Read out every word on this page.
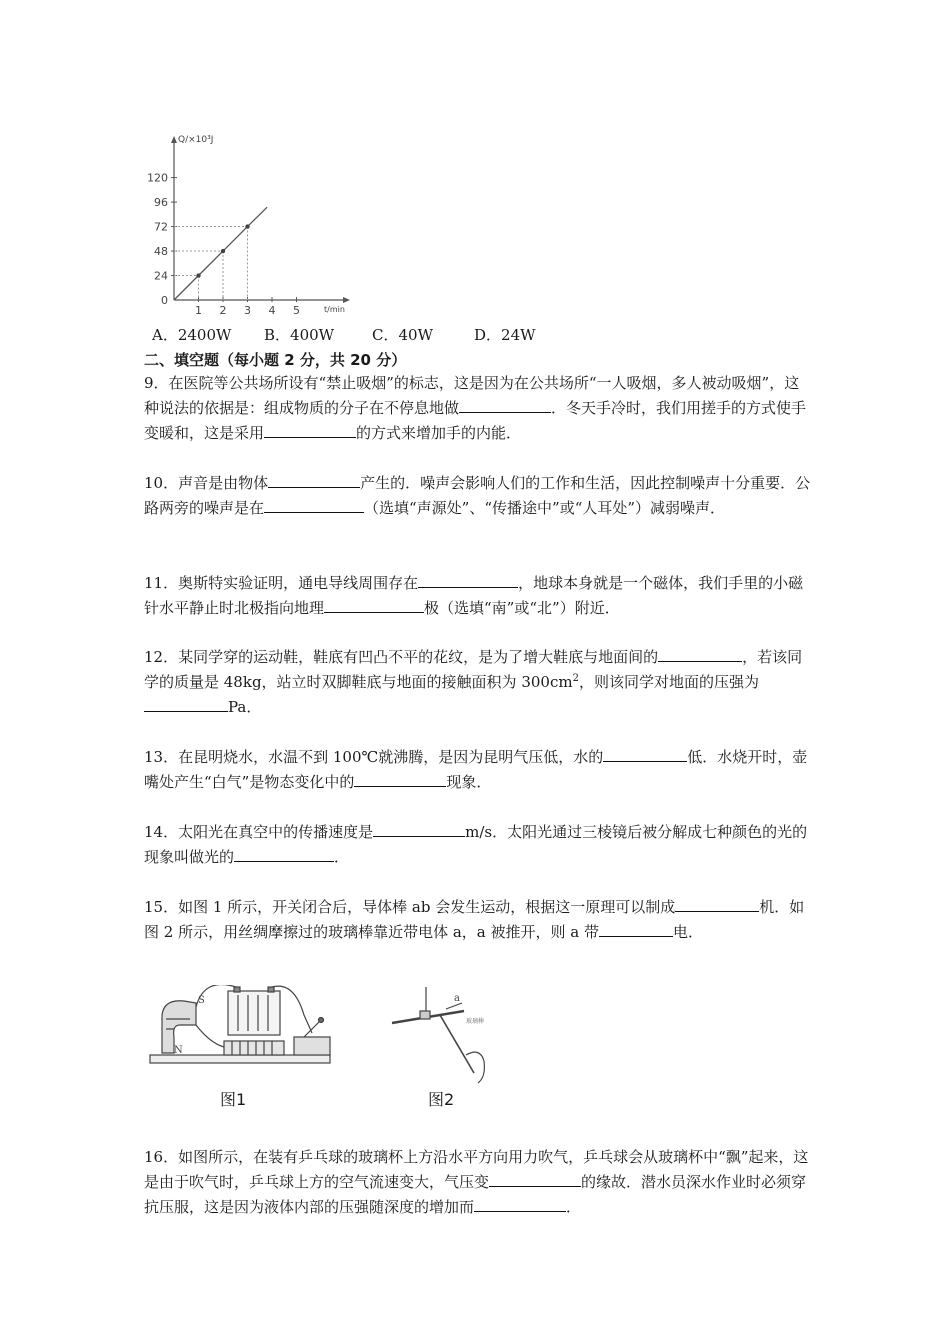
Q/×10³J
t/min
120
96
72
48
24
0
1 2 3 4 5
A．2400W B．400W	C．40W	D．24W
二、填空题（每小题 2 分，共 20 分）

9．在医院等公共场所设有“禁止吸烟”的标志，这是因为在公共场所“一人吸烟，多人被动吸烟”，这种说法的依据是：组成物质的分子在不停息地做	．冬天手冷时，我们用搓手的方式使手变暖和，这是采用	的方式来增加手的内能．

10．声音是由物体	产生的．噪声会影响人们的工作和生活，因此控制噪声十分重要．公路两旁的噪声是在	（选填“声源处”、“传播途中”或“人耳处”）减弱噪声．

11．奥斯特实验证明，通电导线周围存在	，地球本身就是一个磁体，我们手里的小磁针水平静止时北极指向地理	极（选填“南”或“北”）附近．

12．某同学穿的运动鞋，鞋底有凹凸不平的花纹，是为了增大鞋底与地面间的	，若该同学的质量是 48kg，站立时双脚鞋底与地面的接触面积为 $300cm^2$，则该同学对地面的压强为Pa．

13．在昆明烧水，水温不到 100℃就沸腾，是因为昆明气压低，水的	低．水烧开时，壶嘴处产生“白气”是物态变化中的	现象．

14．太阳光在真空中的传播速度是	m/s．太阳光通过三棱镜后被分解成七种颜色的光的现象叫做光的	．

15．如图 1 所示，开关闭合后，导体棒 ab 会发生运动，根据这一原理可以制成	机．如图 2 所示，用丝绸摩擦过的玻璃棒靠近带电体 a，a 被推开，则 a 带	电．

S
N
a
玻璃棒
图1	图2

16．如图所示，在装有乒乓球的玻璃杯上方沿水平方向用力吹气，乒乓球会从玻璃杯中“飘”起来，这是由于吹气时，乒乓球上方的空气流速变大，气压变	的缘故．潜水员深水作业时必须穿抗压服，这是因为液体内部的压强随深度的增加而	．
